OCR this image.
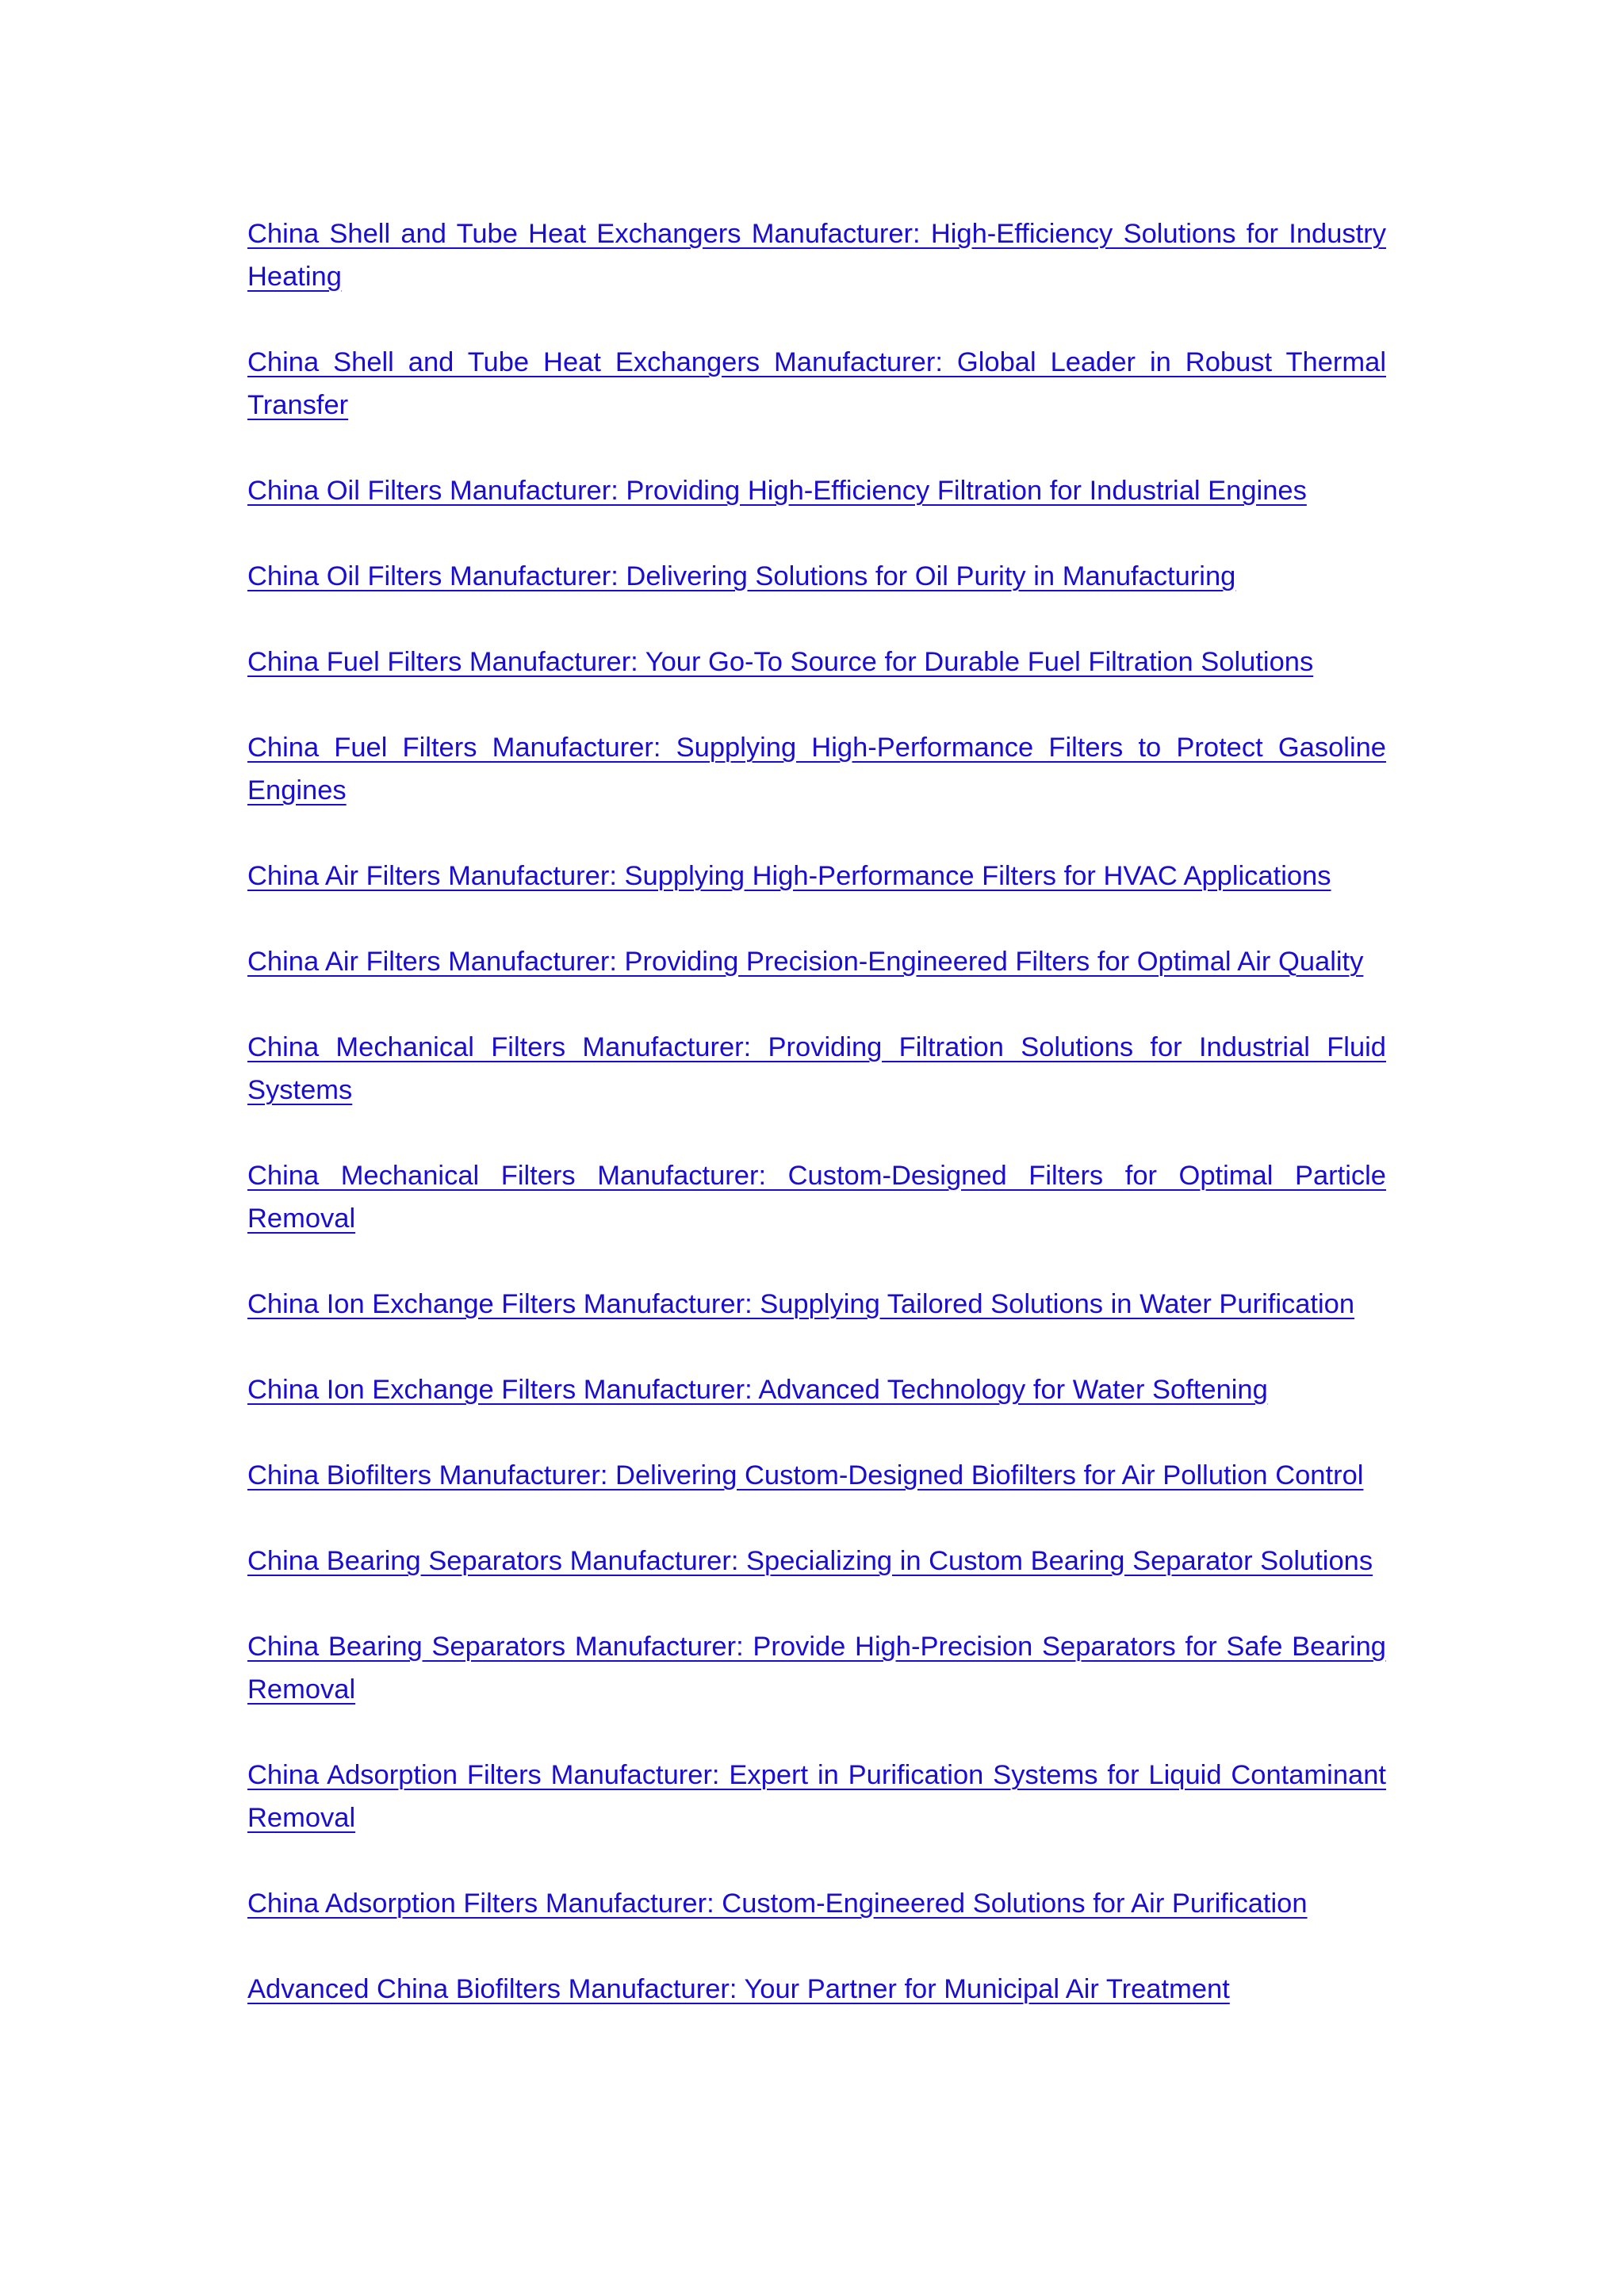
China Shell and Tube Heat Exchangers Manufacturer: High-Efficiency Solutions for Industry Heating
China Shell and Tube Heat Exchangers Manufacturer: Global Leader in Robust Thermal Transfer
China Oil Filters Manufacturer: Providing High-Efficiency Filtration for Industrial Engines
China Oil Filters Manufacturer: Delivering Solutions for Oil Purity in Manufacturing
China Fuel Filters Manufacturer: Your Go-To Source for Durable Fuel Filtration Solutions
China Fuel Filters Manufacturer: Supplying High-Performance Filters to Protect Gasoline Engines
China Air Filters Manufacturer: Supplying High-Performance Filters for HVAC Applications
China Air Filters Manufacturer: Providing Precision-Engineered Filters for Optimal Air Quality
China Mechanical Filters Manufacturer: Providing Filtration Solutions for Industrial Fluid Systems
China Mechanical Filters Manufacturer: Custom-Designed Filters for Optimal Particle Removal
China Ion Exchange Filters Manufacturer: Supplying Tailored Solutions in Water Purification
China Ion Exchange Filters Manufacturer: Advanced Technology for Water Softening
China Biofilters Manufacturer: Delivering Custom-Designed Biofilters for Air Pollution Control
China Bearing Separators Manufacturer: Specializing in Custom Bearing Separator Solutions
China Bearing Separators Manufacturer: Provide High-Precision Separators for Safe Bearing Removal
China Adsorption Filters Manufacturer: Expert in Purification Systems for Liquid Contaminant Removal
China Adsorption Filters Manufacturer: Custom-Engineered Solutions for Air Purification
Advanced China Biofilters Manufacturer: Your Partner for Municipal Air Treatment
